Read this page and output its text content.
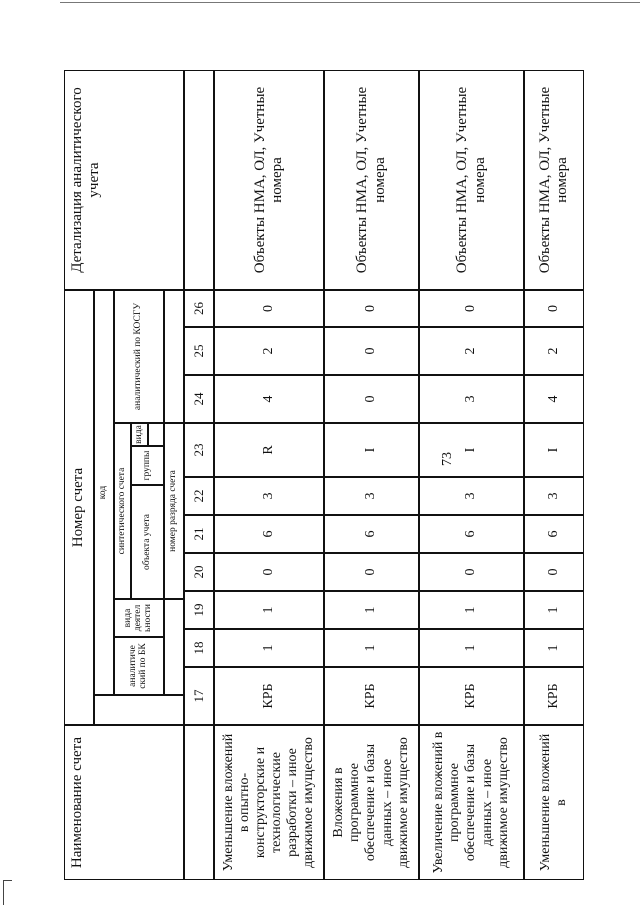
73
Наименование счета
Номер счета
Детализация аналитического учета
код
аналитиче ский по БК
вида деятел ьности
синтетического счета
аналитический по КОСГУ
объекта учета
группы
вида
номер разряда счета
17
18
19
20
21
22
23
24
25
26
Уменьшение вложений в опытно-конструкторские и технологические разработки – иное движимое имущество
КРБ
1
1
0
6
3
R
4
2
0
Объекты НМА, ОЛ, Учетные номера
Вложения в программное обеспечение и базы данных – иное движимое имущество
КРБ
1
1
0
6
3
I
0
0
0
Объекты НМА, ОЛ, Учетные номера
Увеличение вложений в программное обеспечение и базы данных – иное движимое имущество
КРБ
1
1
0
6
3
I
3
2
0
Объекты НМА, ОЛ, Учетные номера
Уменьшение вложений в
КРБ
1
1
0
6
3
I
4
2
0
Объекты НМА, ОЛ, Учетные номера
